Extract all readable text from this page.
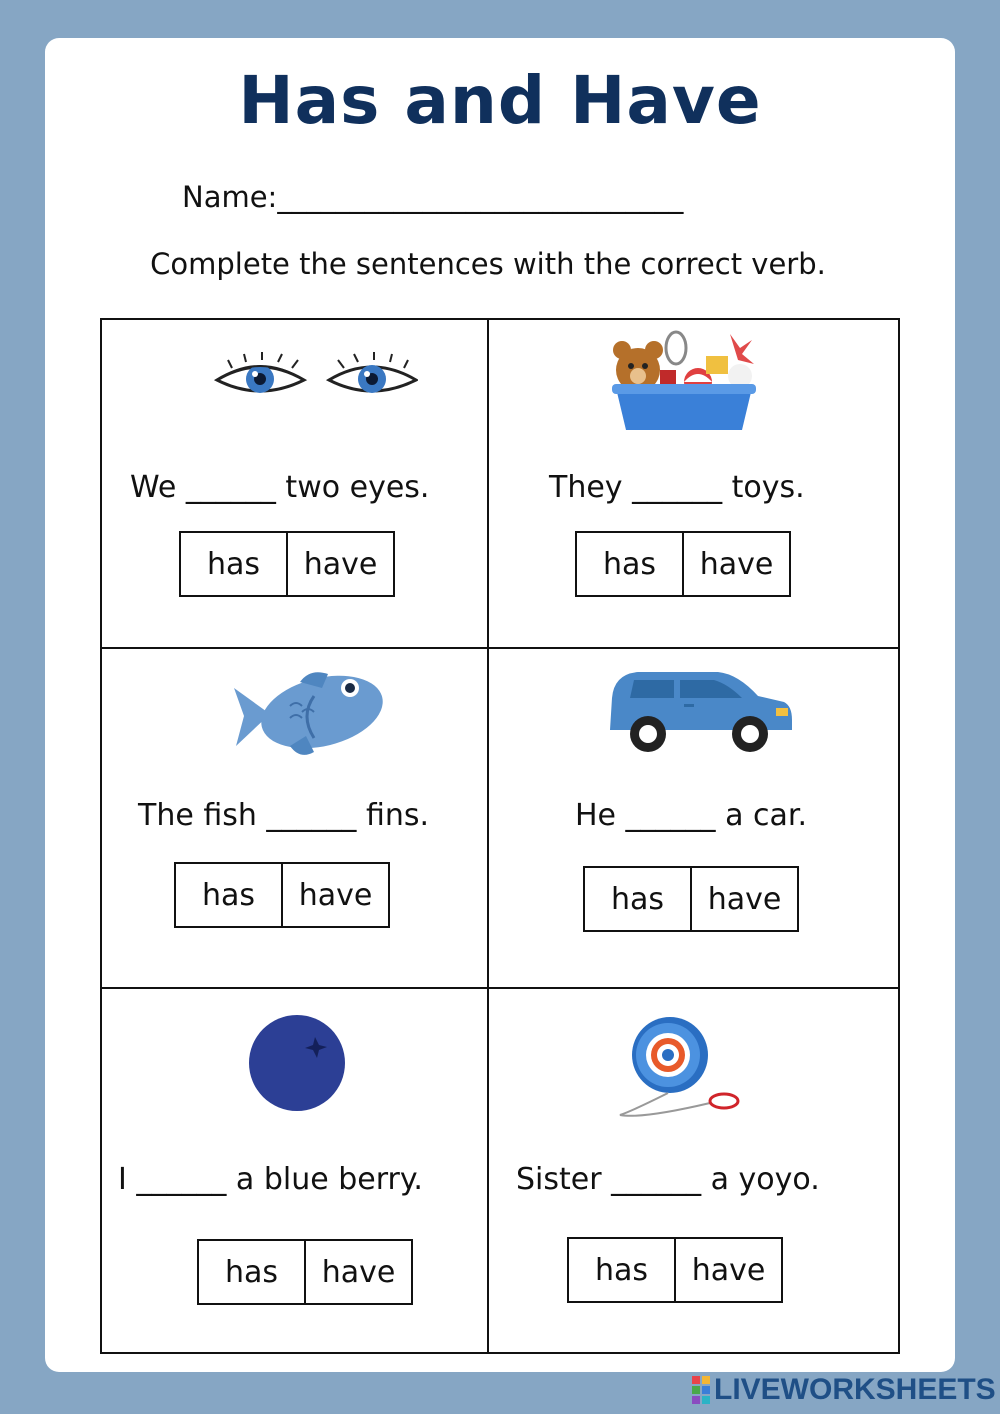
Has and Have
Name:____________________________
Complete the sentences with the correct verb.
We ______ two eyes.
has	have
They ______ toys.
has	have
The fish ______ fins.
has	have
He ______ a car.
has	have
I ______ a blue berry.
has	have
Sister ______ a yoyo.
has	have
LIVEWORKSHEETS
